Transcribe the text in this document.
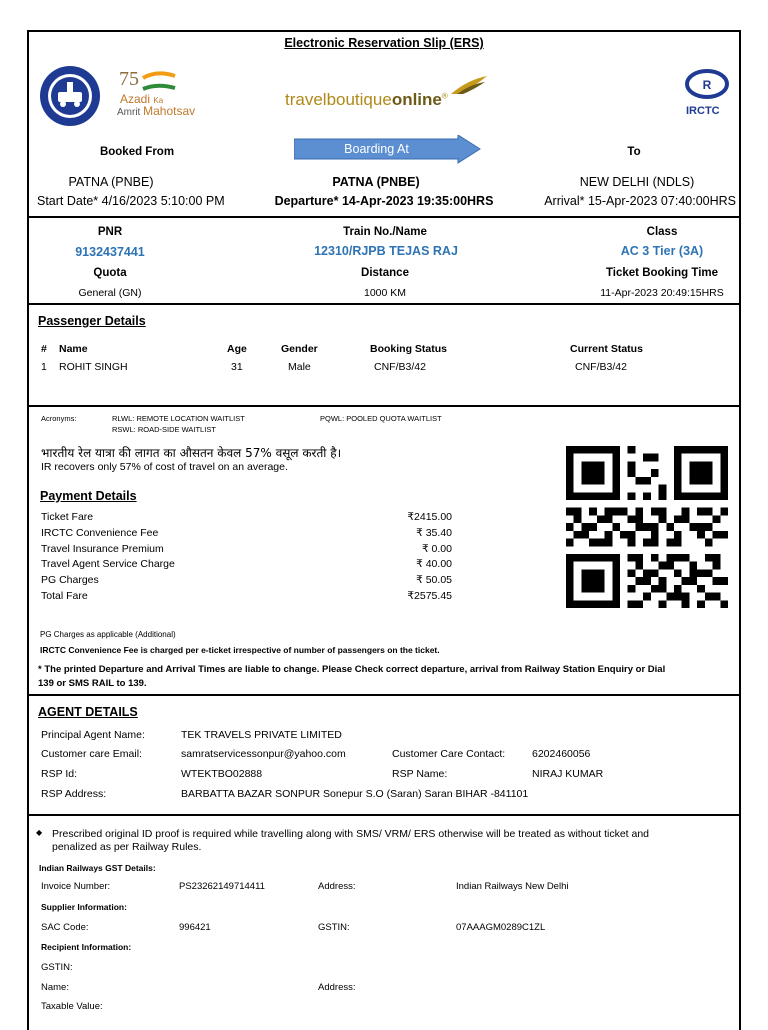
Electronic Reservation Slip (ERS)
75
Azadi Ka
Amrit Mahotsav
travelboutiqueonline®
R
IRCTC
Booked From	Boarding At	To
PATNA (PNBE)	PATNA (PNBE)	NEW DELHI (NDLS)
Start Date* 4/16/2023 5:10:00 PM	Departure* 14-Apr-2023 19:35:00HRS	Arrival* 15-Apr-2023 07:40:00HRS
PNR	Train No./Name	Class
9132437441	12310/RJPB TEJAS RAJ	AC 3 Tier (3A)
Quota	Distance	Ticket Booking Time
General (GN)	1000 KM	11-Apr-2023 20:49:15HRS
Passenger Details
# Name	Age	Gender	Booking Status	Current Status
1 ROHIT SINGH	31	Male	CNF/B3/42	CNF/B3/42
Acronyms:	RLWL: REMOTE LOCATION WAITLIST	PQWL: POOLED QUOTA WAITLIST
RSWL: ROAD-SIDE WAITLIST
भारतीय रेल यात्रा की लागत का औसतन केवल 57% वसूल करती है।
IR recovers only 57% of cost of travel on an average.
Payment Details
Ticket Fare	₹2415.00
IRCTC Convenience Fee	₹ 35.40
Travel Insurance Premium	₹ 0.00
Travel Agent Service Charge	₹ 40.00
PG Charges	₹ 50.05
Total Fare	₹2575.45
PG Charges as applicable (Additional)
IRCTC Convenience Fee is charged per e-ticket irrespective of number of passengers on the ticket.
* The printed Departure and Arrival Times are liable to change. Please Check correct departure, arrival from Railway Station Enquiry or Dial
139 or SMS RAIL to 139.
AGENT DETAILS
Principal Agent Name:	TEK TRAVELS PRIVATE LIMITED
Customer care Email:	samratservicessonpur@yahoo.com	Customer Care Contact:	6202460056
RSP Id:	WTEKTBO02888	RSP Name:	NIRAJ KUMAR
RSP Address:	BARBATTA BAZAR SONPUR Sonepur S.O (Saran) Saran BIHAR -841101
◆ Prescribed original ID proof is required while travelling along with SMS/ VRM/ ERS otherwise will be treated as without ticket and
penalized as per Railway Rules.
Indian Railways GST Details:
Invoice Number:	PS23262149714411	Address:	Indian Railways New Delhi
Supplier Information:
SAC Code:	996421	GSTIN:	07AAAGM0289C1ZL
Recipient Information:
GSTIN:
Name:	Address:
Taxable Value:
